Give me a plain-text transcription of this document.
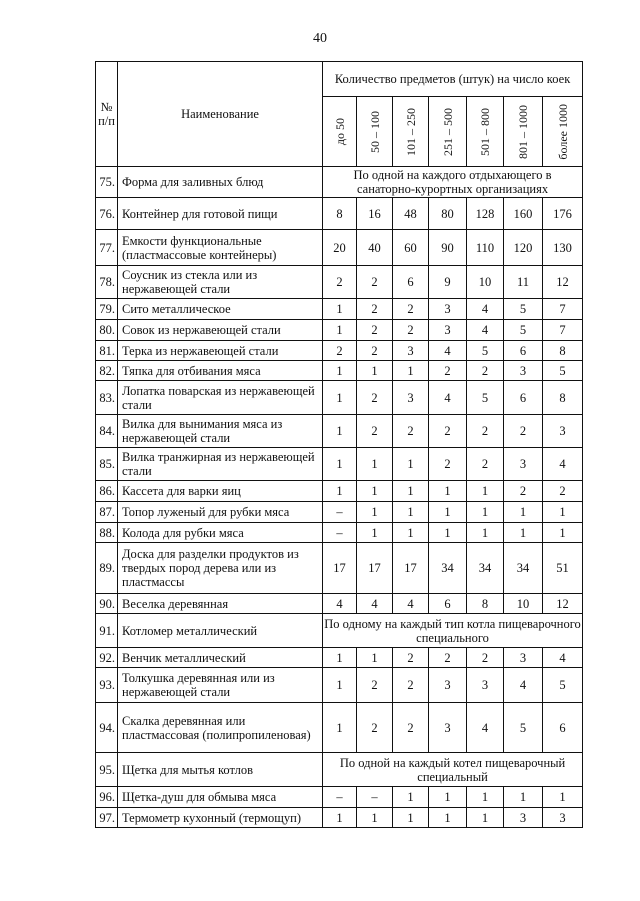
40
№ п/п	Наименование	Количество предметов (штук) на число коек						

		до 50	50 – 100	101 – 250	251 – 500	501 – 800	801 – 1000	более 1000

75.	Форма для заливных блюд	По одной на каждого отдыхающего в санаторно-курортных организациях						
76.	Контейнер для готовой пищи	8	16	48	80	128	160	176
77.	Емкости функциональные (пластмассовые контейнеры)	20	40	60	90	110	120	130
78.	Соусник из стекла или из нержавеющей стали	2	2	6	9	10	11	12
79.	Сито металлическое	1	2	2	3	4	5	7
80.	Совок из нержавеющей стали	1	2	2	3	4	5	7
81.	Терка из нержавеющей стали	2	2	3	4	5	6	8
82.	Тяпка для отбивания мяса	1	1	1	2	2	3	5
83.	Лопатка поварская из нержавеющей стали	1	2	3	4	5	6	8
84.	Вилка для вынимания мяса из нержавеющей стали	1	2	2	2	2	2	3
85.	Вилка транжирная из нержавеющей стали	1	1	1	2	2	3	4
86.	Кассета для варки яиц	1	1	1	1	1	2	2
87.	Топор луженый для рубки мяса	–	1	1	1	1	1	1
88.	Колода для рубки мяса	–	1	1	1	1	1	1
89.	Доска для разделки продуктов из твердых пород дерева или из пластмассы	17	17	17	34	34	34	51
90.	Веселка деревянная	4	4	4	6	8	10	12
91.	Котломер металлический	По одному на каждый тип котла пищеварочного специального						
92.	Венчик металлический	1	1	2	2	2	3	4
93.	Толкушка деревянная или из нержавеющей стали	1	2	2	3	3	4	5
94.	Скалка деревянная или пластмассовая (полипропиленовая)	1	2	2	3	4	5	6
95.	Щетка для мытья котлов	По одной на каждый котел пищеварочный специальный						
96.	Щетка-душ для обмыва мяса	–	–	1	1	1	1	1
97.	Термометр кухонный (термощуп)	1	1	1	1	1	3	3
